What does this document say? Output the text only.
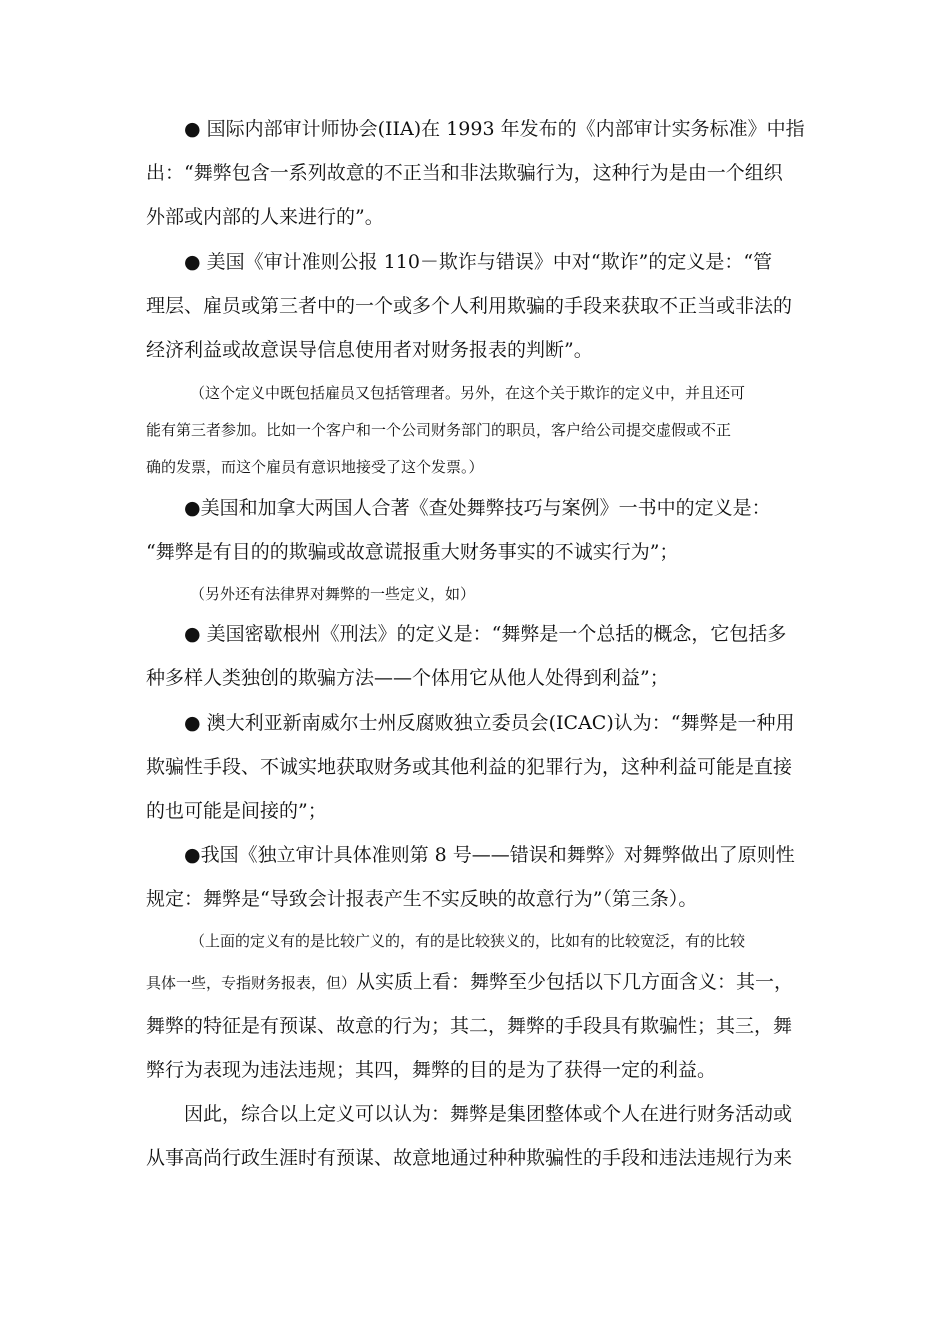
● 国际内部审计师协会(IIA)在 1993 年发布的《内部审计实务标准》中指
出：“舞弊包含一系列故意的不正当和非法欺骗行为，这种行为是由一个组织
外部或内部的人来进行的”。
● 美国《审计准则公报 110－欺诈与错误》中对“欺诈”的定义是：“管
理层、雇员或第三者中的一个或多个人利用欺骗的手段来获取不正当或非法的
经济利益或故意误导信息使用者对财务报表的判断”。
（这个定义中既包括雇员又包括管理者。另外，在这个关于欺诈的定义中，并且还可
能有第三者参加。比如一个客户和一个公司财务部门的职员，客户给公司提交虚假或不正
确的发票，而这个雇员有意识地接受了这个发票。）
●美国和加拿大两国人合著《查处舞弊技巧与案例》一书中的定义是：
“舞弊是有目的的欺骗或故意谎报重大财务事实的不诚实行为”；
（另外还有法律界对舞弊的一些定义，如）
● 美国密歇根州《刑法》的定义是：“舞弊是一个总括的概念，它包括多
种多样人类独创的欺骗方法——个体用它从他人处得到利益”；
● 澳大利亚新南威尔士州反腐败独立委员会(ICAC)认为：“舞弊是一种用
欺骗性手段、不诚实地获取财务或其他利益的犯罪行为，这种利益可能是直接
的也可能是间接的”；
●我国《独立审计具体准则第 8 号——错误和舞弊》对舞弊做出了原则性
规定：舞弊是“导致会计报表产生不实反映的故意行为”（第三条）。
（上面的定义有的是比较广义的，有的是比较狭义的，比如有的比较宽泛，有的比较
具体一些，专指财务报表，但）从实质上看：舞弊至少包括以下几方面含义：其一，
舞弊的特征是有预谋、故意的行为；其二，舞弊的手段具有欺骗性；其三，舞
弊行为表现为违法违规；其四，舞弊的目的是为了获得一定的利益。
因此，综合以上定义可以认为：舞弊是集团整体或个人在进行财务活动或
从事高尚行政生涯时有预谋、故意地通过种种欺骗性的手段和违法违规行为来
